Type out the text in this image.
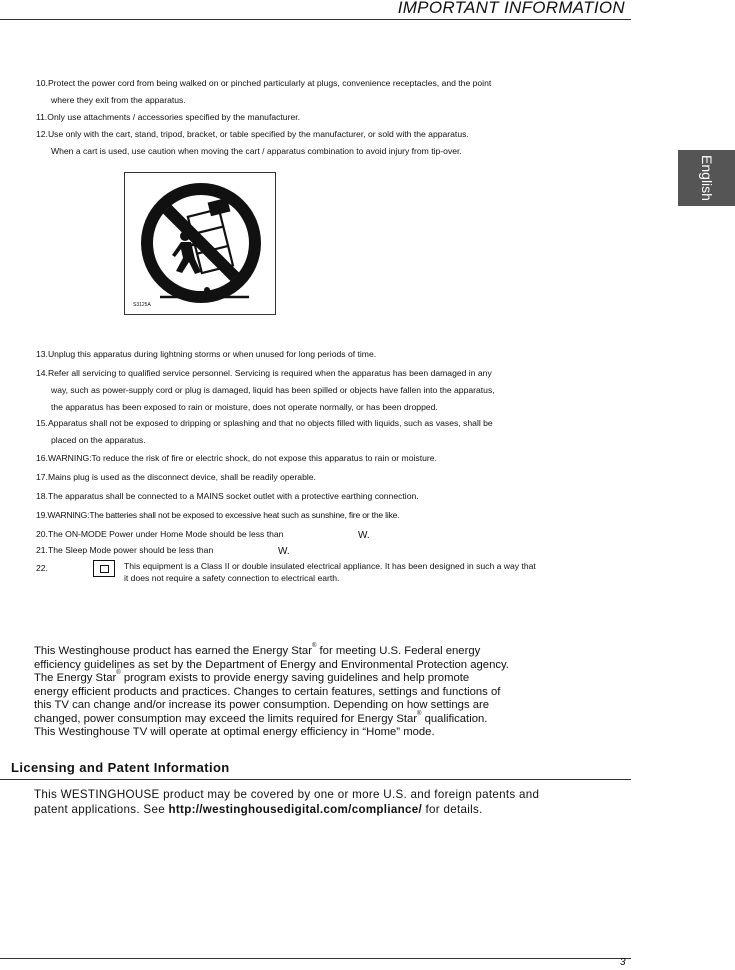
IMPORTANT INFORMATION
English
10.Protect the power cord from being walked on or pinched particularly at plugs, convenience receptacles, and the point
where they exit from the apparatus.
11.Only use attachments / accessories specified by the manufacturer.
12.Use only with the cart, stand, tripod, bracket, or table specified by the manufacturer, or sold with the apparatus.
When a cart is used, use caution when moving the cart / apparatus combination to avoid injury from tip-over.
S3125A
13.Unplug this apparatus during lightning storms or when unused for long periods of time.
14.Refer all servicing to qualified service personnel. Servicing is required when the apparatus has been damaged in any
way, such as power-supply cord or plug is damaged, liquid has been spilled or objects have fallen into the apparatus,
the apparatus has been exposed to rain or moisture, does not operate normally, or has been dropped.
15.Apparatus shall not be exposed to dripping or splashing and that no objects filled with liquids, such as vases, shall be
placed on the apparatus.
16.WARNING:To reduce the risk of fire or electric shock, do not expose this apparatus to rain or moisture.
17.Mains plug is used as the disconnect device, shall be readily operable.
18.The apparatus shall be connected to a MAINS socket outlet with a protective earthing connection.
19.WARNING:The batteries shall not be exposed to excessive heat such as sunshine, fire or the like.
20.The ON-MODE Power under Home Mode should be less than	W.
21.The Sleep Mode power should be less than	W.
22.	This equipment is a Class II or double insulated electrical appliance. It has been designed in such a way that
it does not require a safety connection to electrical earth.
This Westinghouse product has earned the Energy Star® for meeting U.S. Federal energy
efficiency guidelines as set by the Department of Energy and Environmental Protection agency.
The Energy Star® program exists to provide energy saving guidelines and help promote
energy efficient products and practices. Changes to certain features, settings and functions of
this TV can change and/or increase its power consumption. Depending on how settings are
changed, power consumption may exceed the limits required for Energy Star® qualification.
This Westinghouse TV will operate at optimal energy efficiency in “Home” mode.
Licensing and Patent Information
This WESTINGHOUSE product may be covered by one or more U.S. and foreign patents and
patent applications. See http://westinghousedigital.com/compliance/ for details.
3
